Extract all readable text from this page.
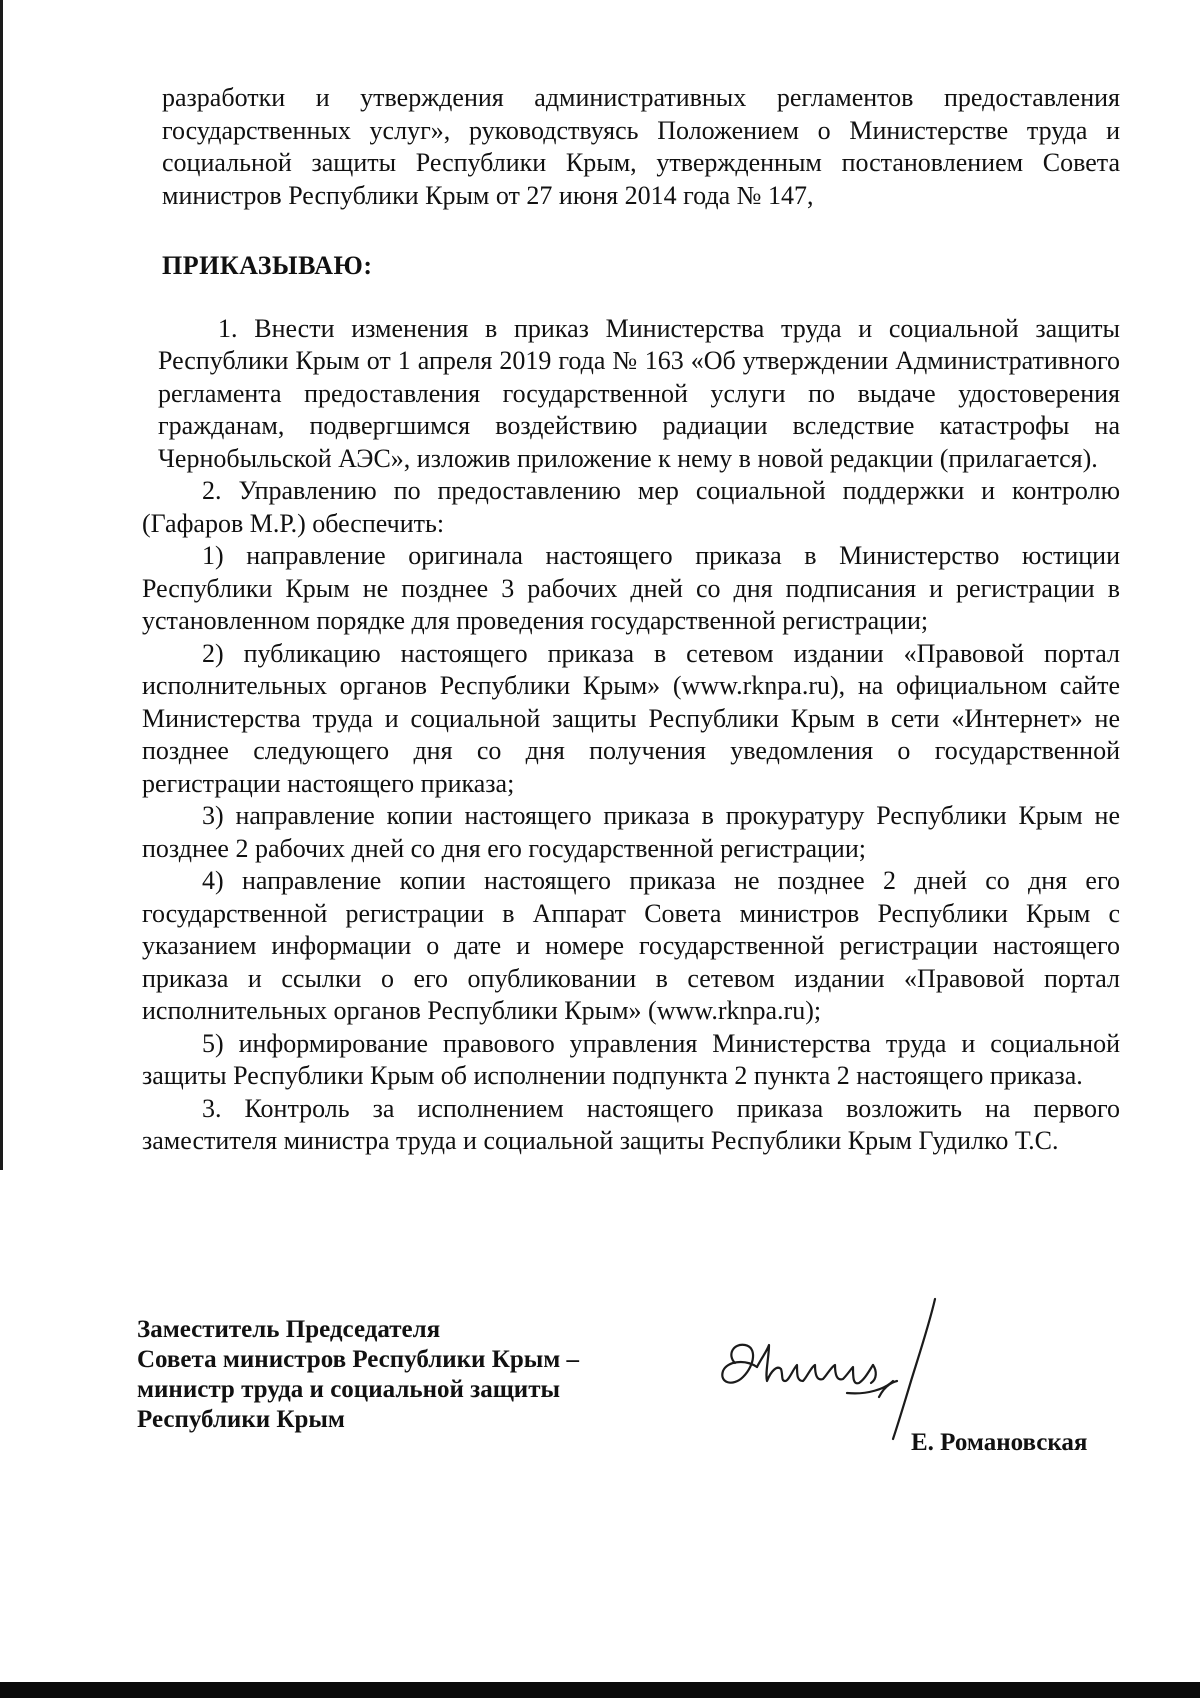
разработки и утверждения административных регламентов предоставления государственных услуг», руководствуясь Положением о Министерстве труда и социальной защиты Республики Крым, утвержденным постановлением Совета министров Республики Крым от 27 июня 2014 года № 147,

ПРИКАЗЫВАЮ:

1. Внести изменения в приказ Министерства труда и социальной защиты Республики Крым от 1 апреля 2019 года № 163 «Об утверждении Административного регламента предоставления государственной услуги по выдаче удостоверения гражданам, подвергшимся воздействию радиации вследствие катастрофы на Чернобыльской АЭС», изложив приложение к нему в новой редакции (прилагается).

2. Управлению по предоставлению мер социальной поддержки и контролю (Гафаров М.Р.) обеспечить:

1) направление оригинала настоящего приказа в Министерство юстиции Республики Крым не позднее 3 рабочих дней со дня подписания и регистрации в установленном порядке для проведения государственной регистрации;

2) публикацию настоящего приказа в сетевом издании «Правовой портал исполнительных органов Республики Крым» (www.rknpa.ru), на официальном сайте Министерства труда и социальной защиты Республики Крым в сети «Интернет» не позднее следующего дня со дня получения уведомления о государственной регистрации настоящего приказа;

3) направление копии настоящего приказа в прокуратуру Республики Крым не позднее 2 рабочих дней со дня его государственной регистрации;

4) направление копии настоящего приказа не позднее 2 дней со дня его государственной регистрации в Аппарат Совета министров Республики Крым с указанием информации о дате и номере государственной регистрации настоящего приказа и ссылки о его опубликовании в сетевом издании «Правовой портал исполнительных органов Республики Крым» (www.rknpa.ru);

5) информирование правового управления Министерства труда и социальной защиты Республики Крым об исполнении подпункта 2 пункта 2 настоящего приказа.

3. Контроль за исполнением настоящего приказа возложить на первого заместителя министра труда и социальной защиты Республики Крым Гудилко Т.С.

Заместитель Председателя
Совета министров Республики Крым –
министр труда и социальной защиты
Республики Крым
Е. Романовская
